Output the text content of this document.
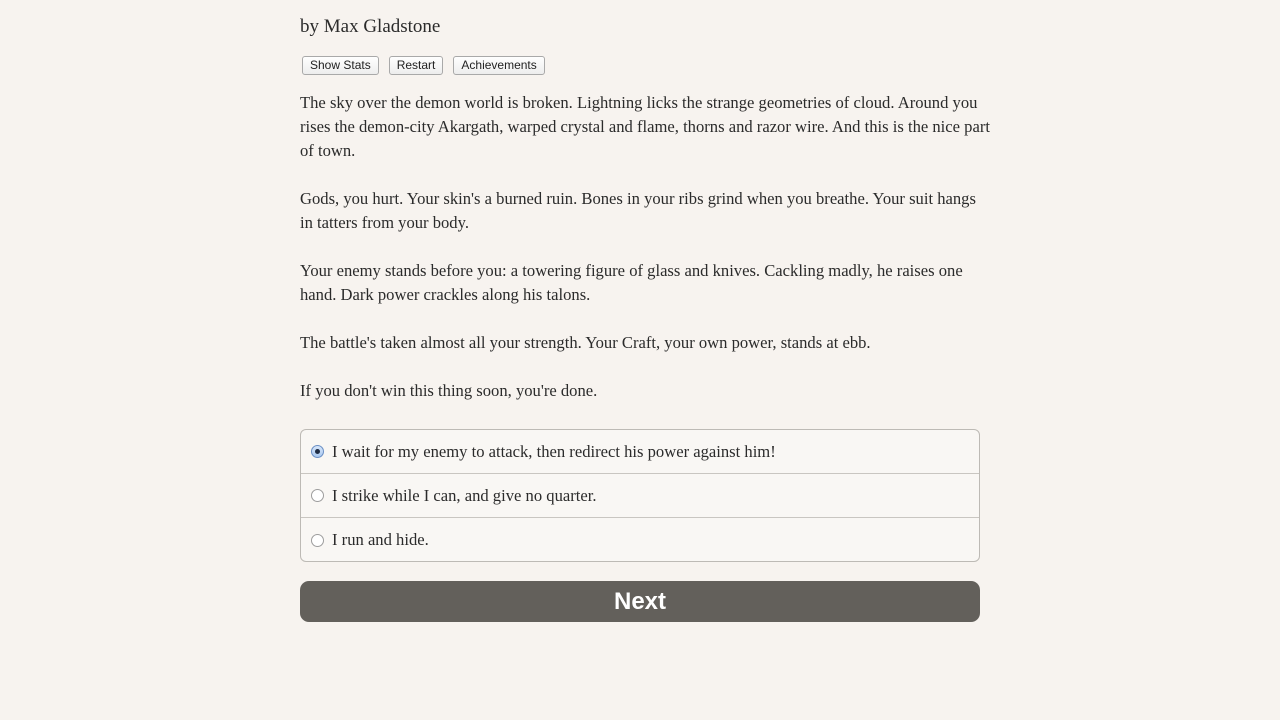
by Max Gladstone
Show Stats	Restart	Achievements

The sky over the demon world is broken. Lightning licks the strange geometries of cloud. Around you rises the demon-city Akargath, warped crystal and flame, thorns and razor wire. And this is the nice part of town.

Gods, you hurt. Your skin's a burned ruin. Bones in your ribs grind when you breathe. Your suit hangs in tatters from your body.

Your enemy stands before you: a towering figure of glass and knives. Cackling madly, he raises one hand. Dark power crackles along his talons.

The battle's taken almost all your strength. Your Craft, your own power, stands at ebb.

If you don't win this thing soon, you're done.

I wait for my enemy to attack, then redirect his power against him!
I strike while I can, and give no quarter.
I run and hide.
Next
